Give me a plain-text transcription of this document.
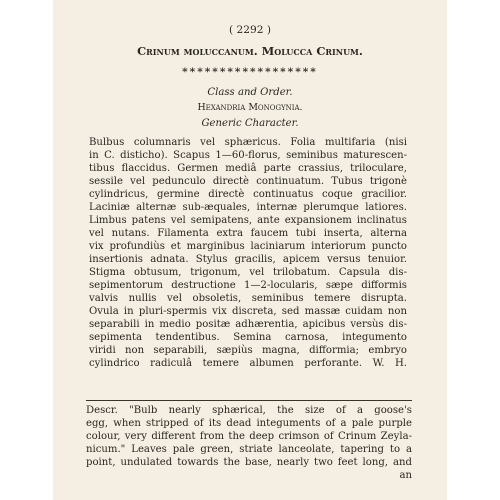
( 2292 )
Crinum moluccanum. Molucca Crinum.
******************
Class and Order.
Hexandria Monogynia.
Generic Character.
Bulbus columnaris vel sphæricus. Folia multifaria (nisi
in C. disticho). Scapus 1—60-florus, seminibus maturescen-
tibus flaccidus. Germen mediâ parte crassius, triloculare,
sessile vel pedunculo directè continuatum. Tubus trigonè
cylindricus, germine directè continuatus coque gracilior.
Laciniæ alternæ sub-æquales, internæ plerumque latiores.
Limbus patens vel semipatens, ante expansionem inclinatus
vel nutans. Filamenta extra faucem tubi inserta, alterna
vix profundiùs et marginibus laciniarum interiorum puncto
insertionis adnata. Stylus gracilis, apicem versus tenuior.
Stigma obtusum, trigonum, vel trilobatum. Capsula dis-
sepimentorum destructione 1—2-locularis, sæpe difformis
valvis nullis vel obsoletis, seminibus temere disrupta.
Ovula in pluri-spermis vix discreta, sed massæ cuidam non
separabili in medio positæ adhærentia, apicibus versùs dis-
sepimenta tendentibus. Semina carnosa, integumento
viridi non separabili, sæpiùs magna, difformia; embryo
cylindrico radiculâ temere albumen perforante. W. H.
Descr. "Bulb nearly sphærical, the size of a goose's
egg, when stripped of its dead integuments of a pale purple
colour, very different from the deep crimson of Crinum Zeyla-
nicum." Leaves pale green, striate lanceolate, tapering to a
point, undulated towards the base, nearly two feet long, and
an
